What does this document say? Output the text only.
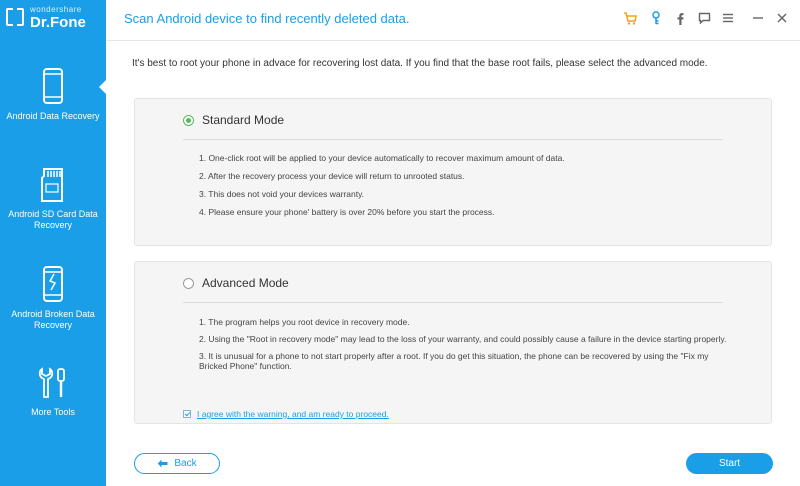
wondershare
Dr.Fone
Android Data Recovery
Android SD Card Data Recovery
Android Broken Data Recovery
More Tools
Scan Android device to find recently deleted data.
It's best to root your phone in advace for recovering lost data. If you find that the base root fails, please select the advanced mode.
Standard Mode
1. One-click root will be applied to your device automatically to recover maximum amount of data.
2. After the recovery process your device will return to unrooted status.
3. This does not void your devices warranty.
4. Please ensure your phone' battery is over 20% before you start the process.
Advanced Mode
1. The program helps you root device in recovery mode.
2. Using the "Root in recovery mode" may lead to the loss of your warranty, and could possibly cause a failure in the device starting properly.
3. It is unusual for a phone to not start properly after a root. If you do get this situation, the phone can be recovered by using the "Fix my Bricked Phone" function.
I agree with the warning, and am ready to proceed.
Back	Start
